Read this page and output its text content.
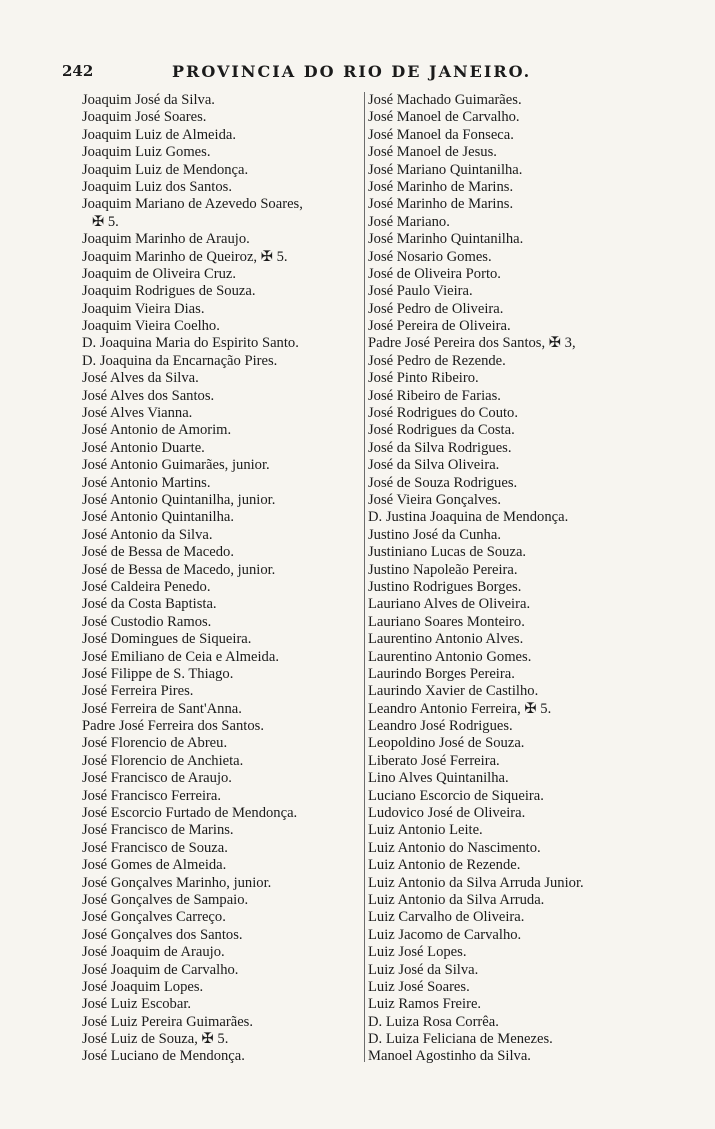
242	PROVINCIA DO RIO DE JANEIRO.
Joaquim José da Silva.
Joaquim José Soares.
Joaquim Luiz de Almeida.
Joaquim Luiz Gomes.
Joaquim Luiz de Mendonça.
Joaquim Luiz dos Santos.
Joaquim Mariano de Azevedo Soares,
✠ 5.
Joaquim Marinho de Araujo.
Joaquim Marinho de Queiroz, ✠ 5.
Joaquim de Oliveira Cruz.
Joaquim Rodrigues de Souza.
Joaquim Vieira Dias.
Joaquim Vieira Coelho.
D. Joaquina Maria do Espirito Santo.
D. Joaquina da Encarnação Pires.
José Alves da Silva.
José Alves dos Santos.
José Alves Vianna.
José Antonio de Amorim.
José Antonio Duarte.
José Antonio Guimarães, junior.
José Antonio Martins.
José Antonio Quintanilha, junior.
José Antonio Quintanilha.
José Antonio da Silva.
José de Bessa de Macedo.
José de Bessa de Macedo, junior.
José Caldeira Penedo.
José da Costa Baptista.
José Custodio Ramos.
José Domingues de Siqueira.
José Emiliano de Ceia e Almeida.
José Filippe de S. Thiago.
José Ferreira Pires.
José Ferreira de Sant'Anna.
Padre José Ferreira dos Santos.
José Florencio de Abreu.
José Florencio de Anchieta.
José Francisco de Araujo.
José Francisco Ferreira.
José Escorcio Furtado de Mendonça.
José Francisco de Marins.
José Francisco de Souza.
José Gomes de Almeida.
José Gonçalves Marinho, junior.
José Gonçalves de Sampaio.
José Gonçalves Carreço.
José Gonçalves dos Santos.
José Joaquim de Araujo.
José Joaquim de Carvalho.
José Joaquim Lopes.
José Luiz Escobar.
José Luiz Pereira Guimarães.
José Luiz de Souza, ✠ 5.
José Luciano de Mendonça.
José Machado Guimarães.
José Manoel de Carvalho.
José Manoel da Fonseca.
José Manoel de Jesus.
José Mariano Quintanilha.
José Marinho de Marins.
José Marinho de Marins.
José Mariano.
José Marinho Quintanilha.
José Nosario Gomes.
José de Oliveira Porto.
José Paulo Vieira.
José Pedro de Oliveira.
José Pereira de Oliveira.
Padre José Pereira dos Santos, ✠ 3,
José Pedro de Rezende.
José Pinto Ribeiro.
José Ribeiro de Farias.
José Rodrigues do Couto.
José Rodrigues da Costa.
José da Silva Rodrigues.
José da Silva Oliveira.
José de Souza Rodrigues.
José Vieira Gonçalves.
D. Justina Joaquina de Mendonça.
Justino José da Cunha.
Justiniano Lucas de Souza.
Justino Napoleão Pereira.
Justino Rodrigues Borges.
Lauriano Alves de Oliveira.
Lauriano Soares Monteiro.
Laurentino Antonio Alves.
Laurentino Antonio Gomes.
Laurindo Borges Pereira.
Laurindo Xavier de Castilho.
Leandro Antonio Ferreira, ✠ 5.
Leandro José Rodrigues.
Leopoldino José de Souza.
Liberato José Ferreira.
Lino Alves Quintanilha.
Luciano Escorcio de Siqueira.
Ludovico José de Oliveira.
Luiz Antonio Leite.
Luiz Antonio do Nascimento.
Luiz Antonio de Rezende.
Luiz Antonio da Silva Arruda Junior.
Luiz Antonio da Silva Arruda.
Luiz Carvalho de Oliveira.
Luiz Jacomo de Carvalho.
Luiz José Lopes.
Luiz José da Silva.
Luiz José Soares.
Luiz Ramos Freire.
D. Luiza Rosa Corrêa.
D. Luiza Feliciana de Menezes.
Manoel Agostinho da Silva.
